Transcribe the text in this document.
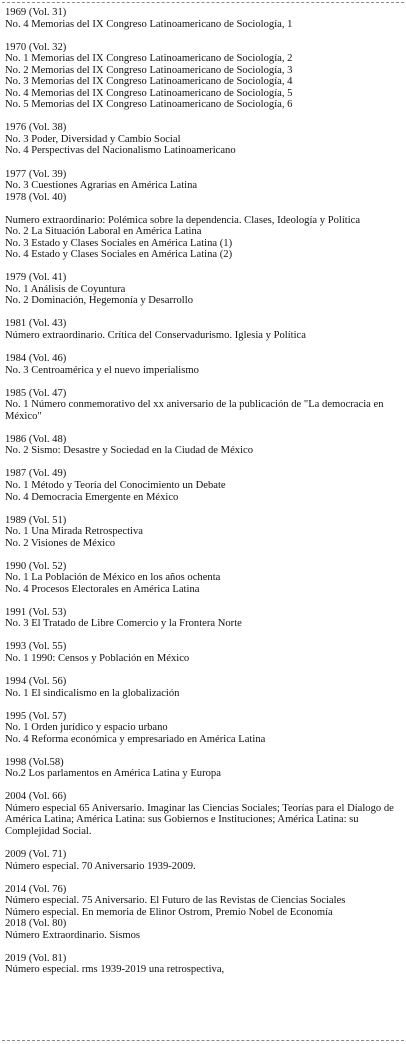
1969 (Vol. 31)
No. 4 Memorias del IX Congreso Latinoamericano de Sociología, 1
1970 (Vol. 32)
No. 1 Memorias del IX Congreso Latinoamericano de Sociología, 2
No. 2 Memorias del IX Congreso Latinoamericano de Sociología, 3
No. 3 Memorias del IX Congreso Latinoamericano de Sociología, 4
No. 4 Memorias del IX Congreso Latinoamericano de Sociología, 5
No. 5 Memorias del IX Congreso Latinoamericano de Sociología, 6
1976 (Vol. 38)
No. 3 Poder, Diversidad y Cambio Social
No. 4 Perspectivas del Nacionalismo Latinoamericano
1977 (Vol. 39)
No. 3 Cuestiones Agrarias en América Latina
1978 (Vol. 40)
Numero extraordinario: Polémica sobre la dependencia. Clases, Ideología y Política
No. 2 La Situación Laboral en América Latina
No. 3 Estado y Clases Sociales en América Latina (1)
No. 4 Estado y Clases Sociales en América Latina (2)
1979 (Vol. 41)
No. 1 Análisis de Coyuntura
No. 2 Dominación, Hegemonía y Desarrollo
1981 (Vol. 43)
Número extraordinario. Crítica del Conservadurismo. Iglesia y Política
1984 (Vol. 46)
No. 3 Centroamérica y el nuevo imperialismo
1985 (Vol. 47)
No. 1 Número conmemorativo del xx aniversario de la publicación de "La democracia en México"
1986 (Vol. 48)
No. 2 Sismo: Desastre y Sociedad en la Ciudad de México
1987 (Vol. 49)
No. 1 Método y Teoría del Conocimiento un Debate
No. 4 Democracia Emergente en México
1989 (Vol. 51)
No. 1 Una Mirada Retrospectiva
No. 2 Visiones de México
1990 (Vol. 52)
No. 1 La Población de México en los años ochenta
No. 4 Procesos Electorales en América Latina
1991 (Vol. 53)
No. 3 El Tratado de Libre Comercio y la Frontera Norte
1993 (Vol. 55)
No. 1 1990: Censos y Población en México
1994 (Vol. 56)
No. 1 El sindicalismo en la globalización
1995 (Vol. 57)
No. 1 Orden jurídico y espacio urbano
No. 4 Reforma económica y empresariado en América Latina
1998 (Vol.58)
No.2 Los parlamentos en América Latina y Europa
2004 (Vol. 66)
Número especial 65 Aniversario. Imaginar las Ciencias Sociales; Teorías para el Dialogo de América Latina; América Latina: sus Gobiernos e Instituciones; América Latina: su Complejidad Social.
2009 (Vol. 71)
Número especial. 70 Aniversario 1939-2009.
2014 (Vol. 76)
Número especial. 75 Aniversario. El Futuro de las Revistas de Ciencias Sociales
Número especial. En memoria de Elinor Ostrom, Premio Nobel de Economía
2018 (Vol. 80)
Número Extraordinario. Sismos
2019 (Vol. 81)
Número especial. rms 1939-2019 una retrospectiva,
